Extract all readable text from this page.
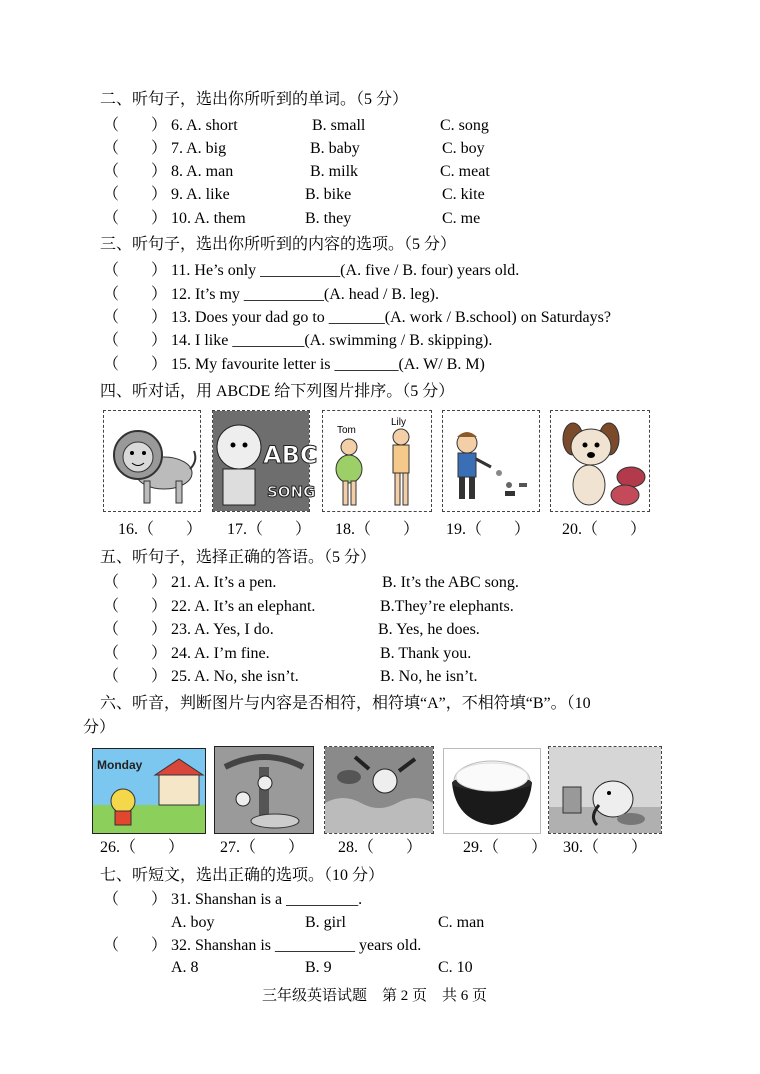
二、听句子，选出你所听到的单词。（5 分）
（　　） 6. A. short	B. small	C. song
（　　） 7. A. big	B. baby	C. boy
（　　） 8. A. man	B. milk	C. meat
（　　） 9. A. like	B. bike	C. kite
（　　） 10. A. them	B. they	C. me
三、听句子，选出你所听到的内容的选项。（5 分）
（　　） 11. He’s only __________(A. five / B. four) years old.
（　　） 12. It’s my __________(A. head / B. leg).
（　　） 13. Does your dad go to _______(A. work / B.school) on Saturdays?
（　　） 14. I like _________(A. swimming / B. skipping).
（　　） 15. My favourite letter is ________(A. W/ B. M)
四、听对话，用 ABCDE 给下列图片排序。（5 分）
ABC
SONG
Tom
Lily
16.（　　） 17.（　　） 18.（　　） 19.（　　） 20.（　　）
五、听句子，选择正确的答语。（5 分）
（　　） 21. A. It’s a pen.	B. It’s the ABC song.
（　　） 22. A. It’s an elephant.	B.They’re elephants.
（　　） 23. A. Yes, I do.	B. Yes, he does.
（　　） 24. A. I’m fine.	B. Thank you.
（　　） 25. A. No, she isn’t.	B. No, he isn’t.
六、听音，判断图片与内容是否相符，相符填“A”，不相符填“B”。（10
分）
Monday
26.（　　） 27.（　　） 28.（　　）	29.（　　） 30.（　　）
七、听短文，选出正确的选项。（10 分）
（　　） 31. Shanshan is a _________.
A. boy	B. girl	C. man
（　　） 32. Shanshan is __________ years old.
A. 8	B. 9	C. 10
三年级英语试题　第 2 页　共 6 页
